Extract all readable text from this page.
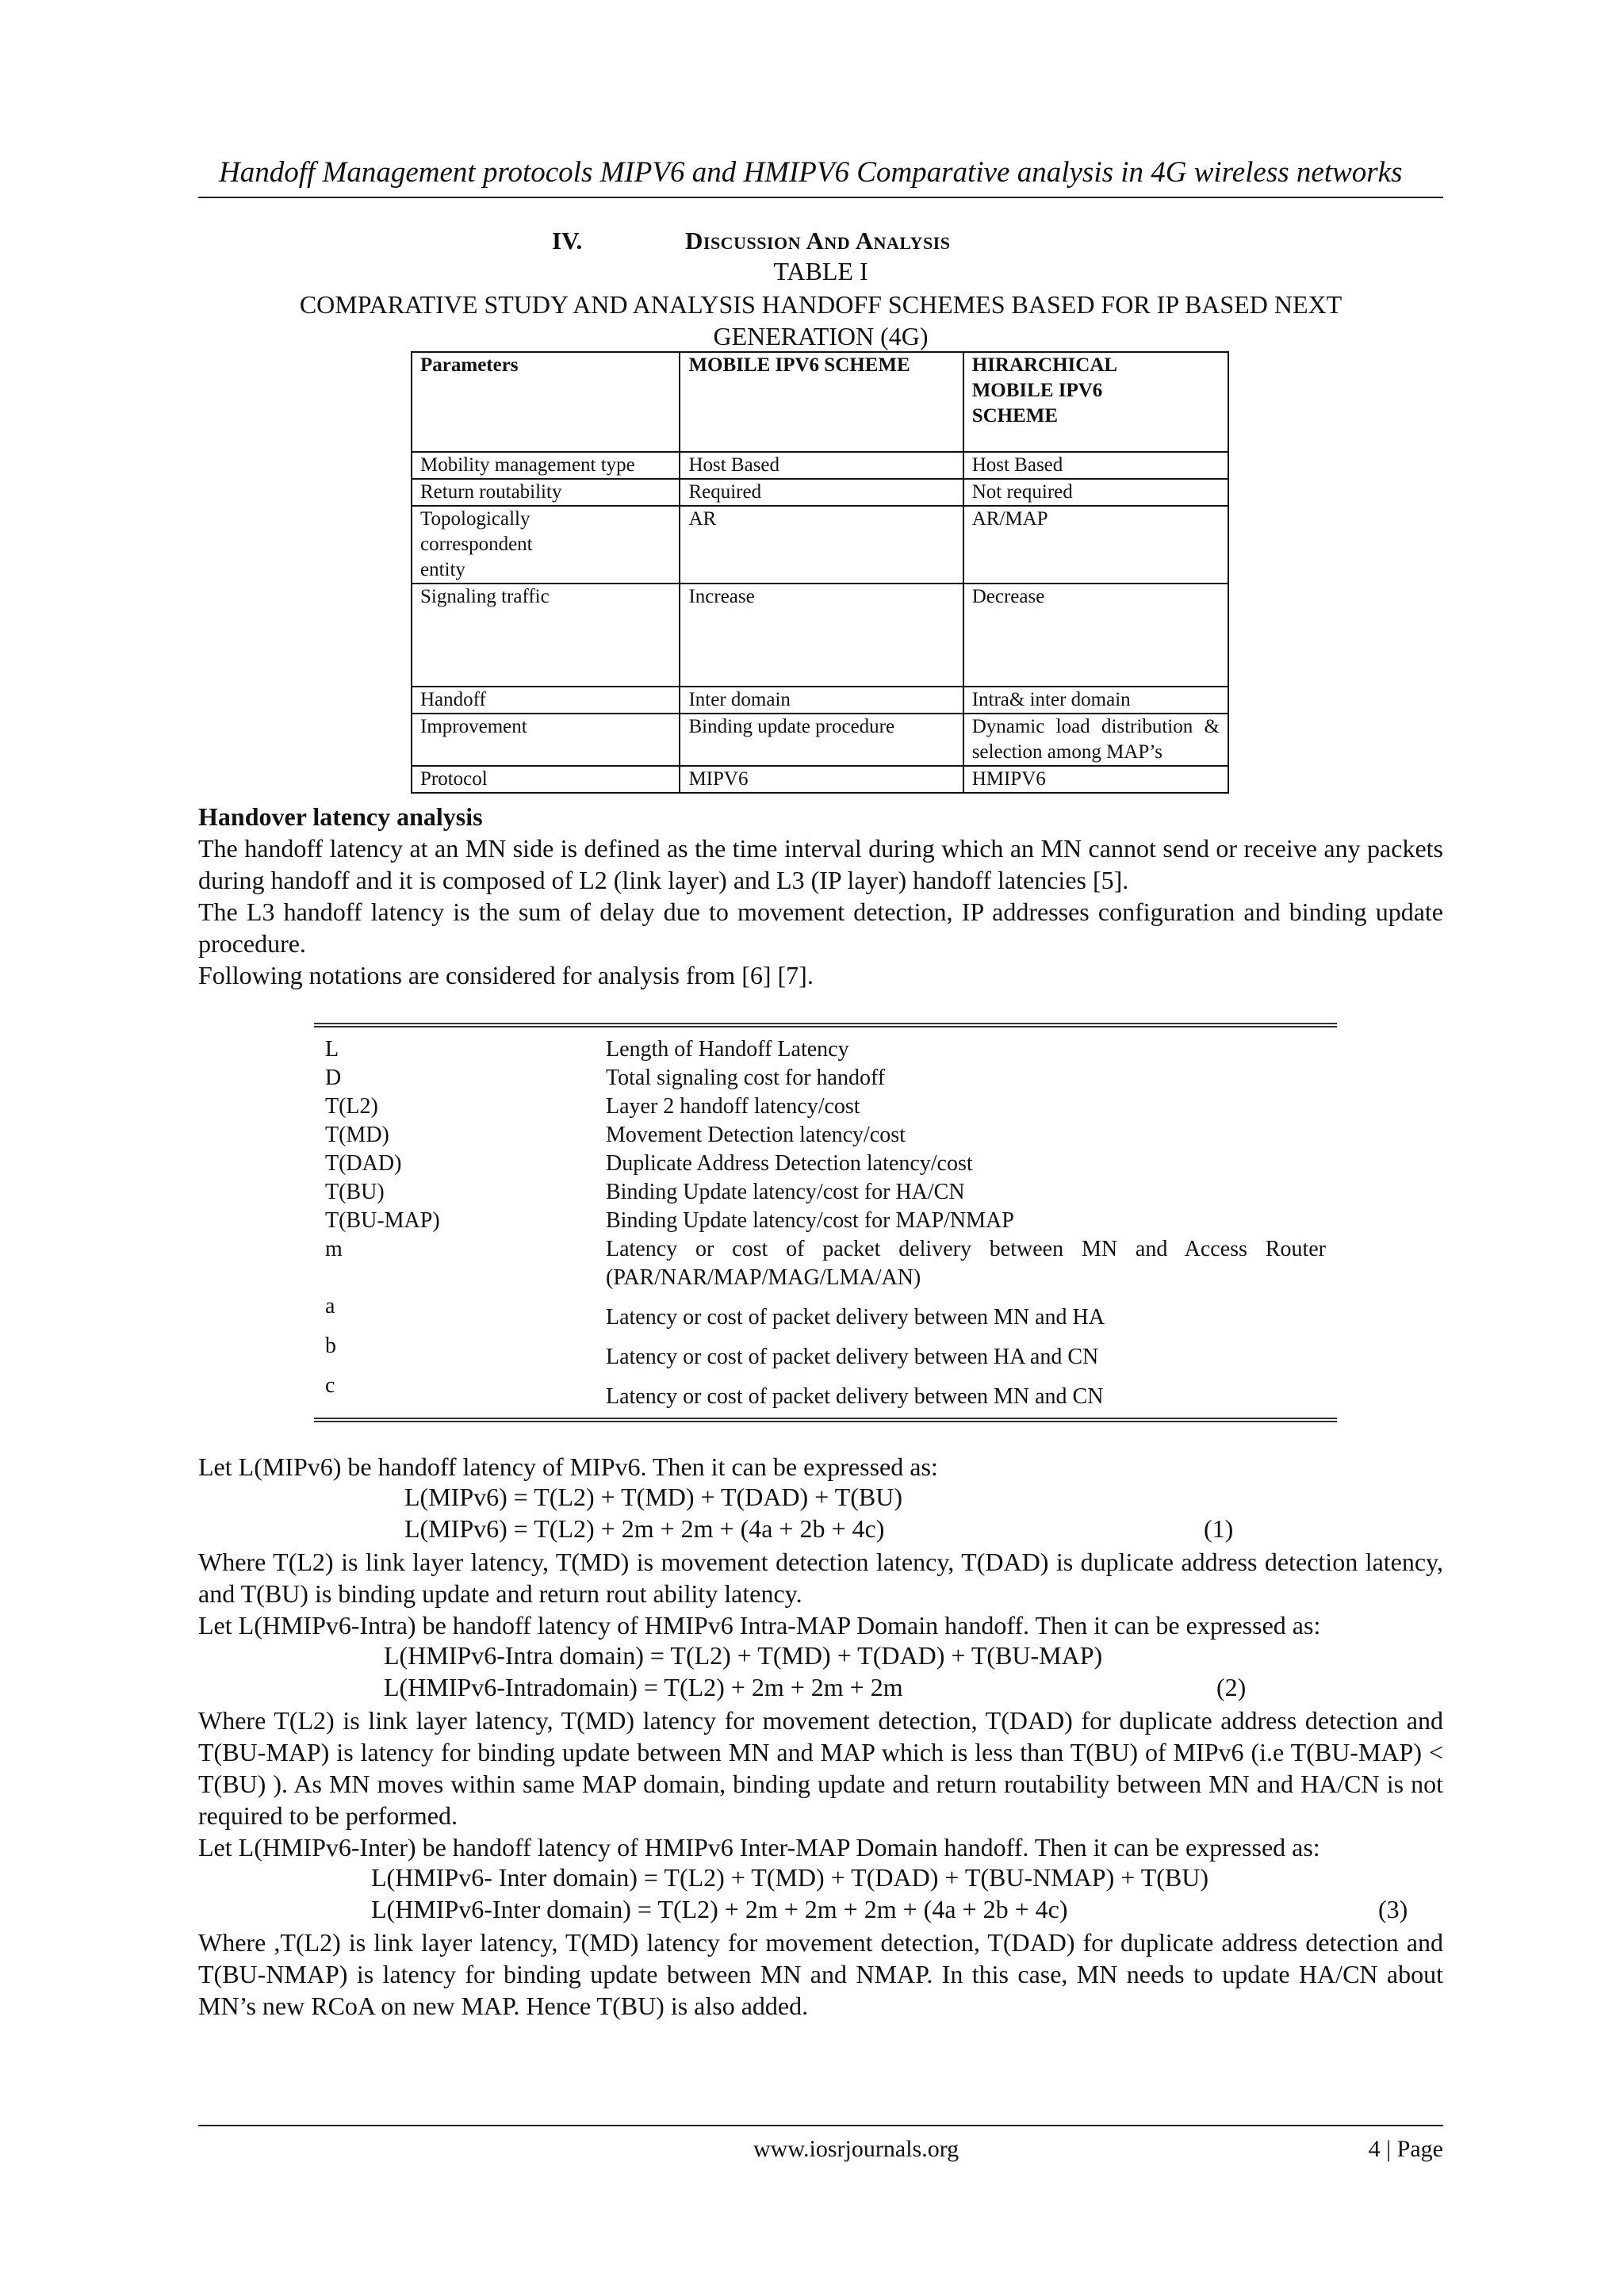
Handoff Management protocols MIPV6 and HMIPV6 Comparative analysis in 4G wireless networks
IV.	Discussion And Analysis
TABLE I
COMPARATIVE STUDY AND ANALYSIS HANDOFF SCHEMES BASED FOR IP BASED NEXT
GENERATION (4G)
Parameters	MOBILE IPV6 SCHEME	HIRARCHICAL MOBILE IPV6 SCHEME
Mobility management type	Host Based	Host Based
Return routability	Required	Not required
Topologically correspondent entity	AR	AR/MAP
Signaling traffic	Increase	Decrease
Handoff	Inter domain	Intra& inter domain
Improvement	Binding update procedure	Dynamic load distribution & selection among MAP’s
Protocol	MIPV6	HMIPV6
Handover latency analysis
The handoff latency at an MN side is defined as the time interval during which an MN cannot send or receive any packets during handoff and it is composed of L2 (link layer) and L3 (IP layer) handoff latencies [5].
The L3 handoff latency is the sum of delay due to movement detection, IP addresses configuration and binding update procedure.
Following notations are considered for analysis from [6] [7].
L	Length of Handoff Latency
D	Total signaling cost for handoff
T(L2)	Layer 2 handoff latency/cost
T(MD)	Movement Detection latency/cost
T(DAD)	Duplicate Address Detection latency/cost
T(BU)	Binding Update latency/cost for HA/CN
T(BU-MAP)	Binding Update latency/cost for MAP/NMAP
m	Latency or cost of packet delivery between MN and Access Router (PAR/NAR/MAP/MAG/LMA/AN)
a	Latency or cost of packet delivery between MN and HA
b	Latency or cost of packet delivery between HA and CN
c	Latency or cost of packet delivery between MN and CN
Let L(MIPv6) be handoff latency of MIPv6. Then it can be expressed as:
L(MIPv6) = T(L2) + T(MD) + T(DAD) + T(BU)
L(MIPv6) = T(L2) + 2m + 2m + (4a + 2b + 4c)	(1)
Where T(L2) is link layer latency, T(MD) is movement detection latency, T(DAD) is duplicate address detection latency, and T(BU) is binding update and return rout ability latency.
Let L(HMIPv6-Intra) be handoff latency of HMIPv6 Intra-MAP Domain handoff. Then it can be expressed as:
L(HMIPv6-Intra domain) = T(L2) + T(MD) + T(DAD) + T(BU-MAP)
L(HMIPv6-Intradomain) = T(L2) + 2m + 2m + 2m	(2)
Where T(L2) is link layer latency, T(MD) latency for movement detection, T(DAD) for duplicate address detection and T(BU-MAP) is latency for binding update between MN and MAP which is less than T(BU) of MIPv6 (i.e T(BU-MAP) < T(BU) ). As MN moves within same MAP domain, binding update and return routability between MN and HA/CN is not required to be performed.
Let L(HMIPv6-Inter) be handoff latency of HMIPv6 Inter-MAP Domain handoff. Then it can be expressed as:
L(HMIPv6- Inter domain) = T(L2) + T(MD) + T(DAD) + T(BU-NMAP) + T(BU)
L(HMIPv6-Inter domain) = T(L2) + 2m + 2m + 2m + (4a + 2b + 4c)	(3)
Where ,T(L2) is link layer latency, T(MD) latency for movement detection, T(DAD) for duplicate address detection and T(BU-NMAP) is latency for binding update between MN and NMAP. In this case, MN needs to update HA/CN about MN’s new RCoA on new MAP. Hence T(BU) is also added.
www.iosrjournals.org	4 | Page
